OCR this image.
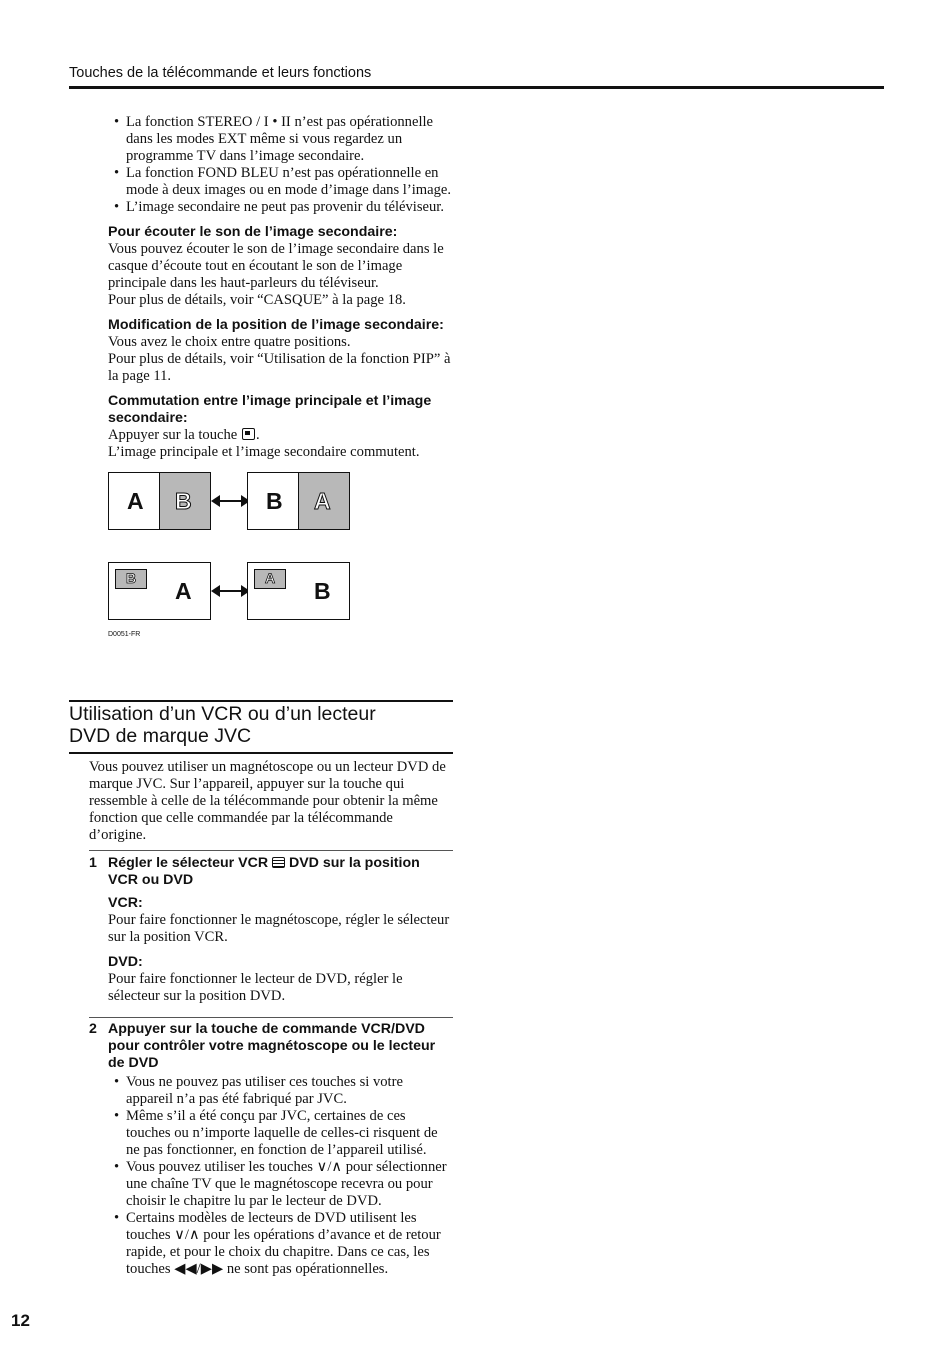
Touches de la télécommande et leurs fonctions
• La fonction STEREO / I • II n’est pas opérationnelle dans les modes EXT même si vous regardez un programme TV dans l’image secondaire.
• La fonction FOND BLEU n’est pas opérationnelle en mode à deux images ou en mode d’image dans l’image.
• L’image secondaire ne peut pas provenir du téléviseur.
Pour écouter le son de l’image secondaire:

Vous pouvez écouter le son de l’image secondaire dans le casque d’écoute tout en écoutant le son de l’image principale dans les haut-parleurs du téléviseur.

Pour plus de détails, voir “CASQUE” à la page 18.

Modification de la position de l’image secondaire:

Vous avez le choix entre quatre positions.

Pour plus de détails, voir “Utilisation de la fonction PIP” à la page 11.

Commutation entre l’image principale et l’image secondaire:

Appuyer sur la touche .

L’image principale et l’image secondaire commutent.

A B	B A
B	A	A	B
D0051-FR
Utilisation d’un VCR ou d’un lecteur
DVD de marque JVC

Vous pouvez utiliser un magnétoscope ou un lecteur DVD de marque JVC. Sur l’appareil, appuyer sur la touche qui ressemble à celle de la télécommande pour obtenir la même fonction que celle commandée par la télécommande d’origine.

1 Régler le sélecteur VCR  DVD sur la position VCR ou DVD
VCR:

Pour faire fonctionner le magnétoscope, régler le sélecteur sur la position VCR.

DVD:

Pour faire fonctionner le lecteur de DVD, régler le sélecteur sur la position DVD.

2 Appuyer sur la touche de commande VCR/DVD pour contrôler votre magnétoscope ou le lecteur de DVD
• Vous ne pouvez pas utiliser ces touches si votre appareil n’a pas été fabriqué par JVC.
• Même s’il a été conçu par JVC, certaines de ces touches ou n’importe laquelle de celles-ci risquent de ne pas fonctionner, en fonction de l’appareil utilisé.
• Vous pouvez utiliser les touches ∨/∧ pour sélectionner une chaîne TV que le magnétoscope recevra ou pour choisir le chapitre lu par le lecteur de DVD.
• Certains modèles de lecteurs de DVD utilisent les touches ∨/∧ pour les opérations d’avance et de retour rapide, et pour le choix du chapitre. Dans ce cas, les touches ◀◀/▶▶ ne sont pas opérationnelles.
12
